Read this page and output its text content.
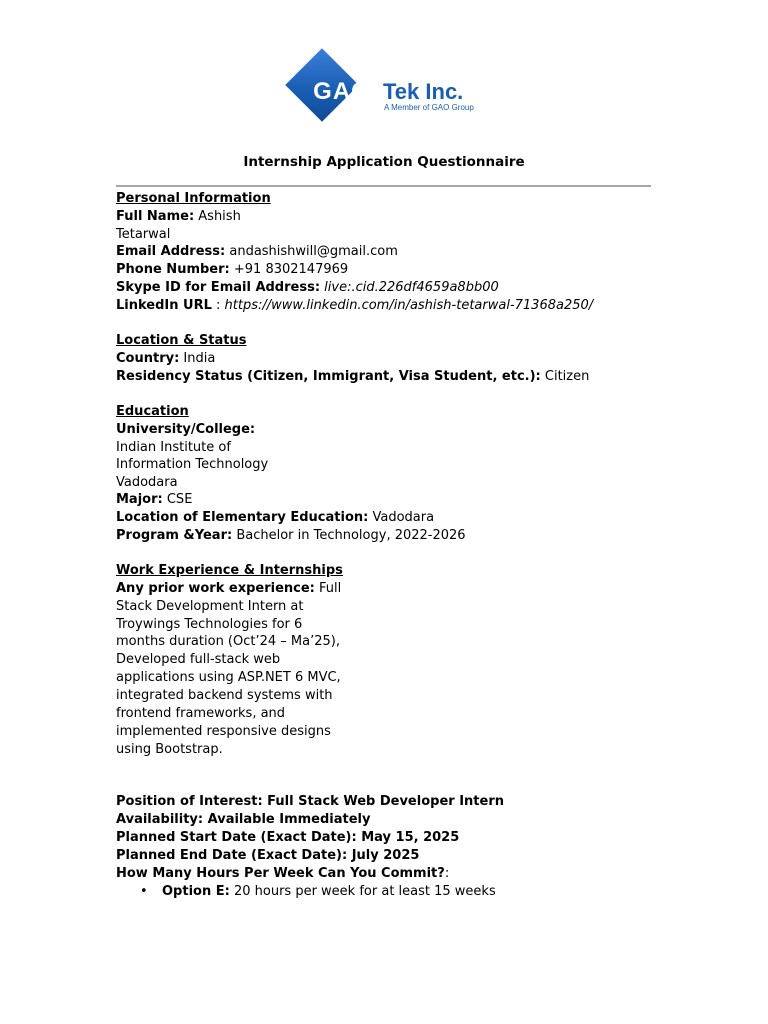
GAO Tek Inc.
A Member of GAO Group
Internship Application Questionnaire
Personal Information
Full Name: Ashish
Tetarwal
Email Address: andashishwill@gmail.com
Phone Number: +91 8302147969
Skype ID for Email Address: live:.cid.226df4659a8bb00
LinkedIn URL : https://www.linkedin.com/in/ashish-tetarwal-71368a250/
Location & Status
Country: India
Residency Status (Citizen, Immigrant, Visa Student, etc.): Citizen
Education
University/College:
Indian Institute of
Information Technology
Vadodara
Major: CSE
Location of Elementary Education: Vadodara
Program &Year: Bachelor in Technology, 2022-2026
Work Experience & Internships
Any prior work experience: Full
Stack Development Intern at
Troywings Technologies for 6
months duration (Oct’24 – Ma’25),
Developed full-stack web
applications using ASP.NET 6 MVC,
integrated backend systems with
frontend frameworks, and
implemented responsive designs
using Bootstrap.
Position of Interest: Full Stack Web Developer Intern
Availability: Available Immediately
Planned Start Date (Exact Date): May 15, 2025
Planned End Date (Exact Date): July 2025
How Many Hours Per Week Can You Commit?:
• Option E: 20 hours per week for at least 15 weeks
